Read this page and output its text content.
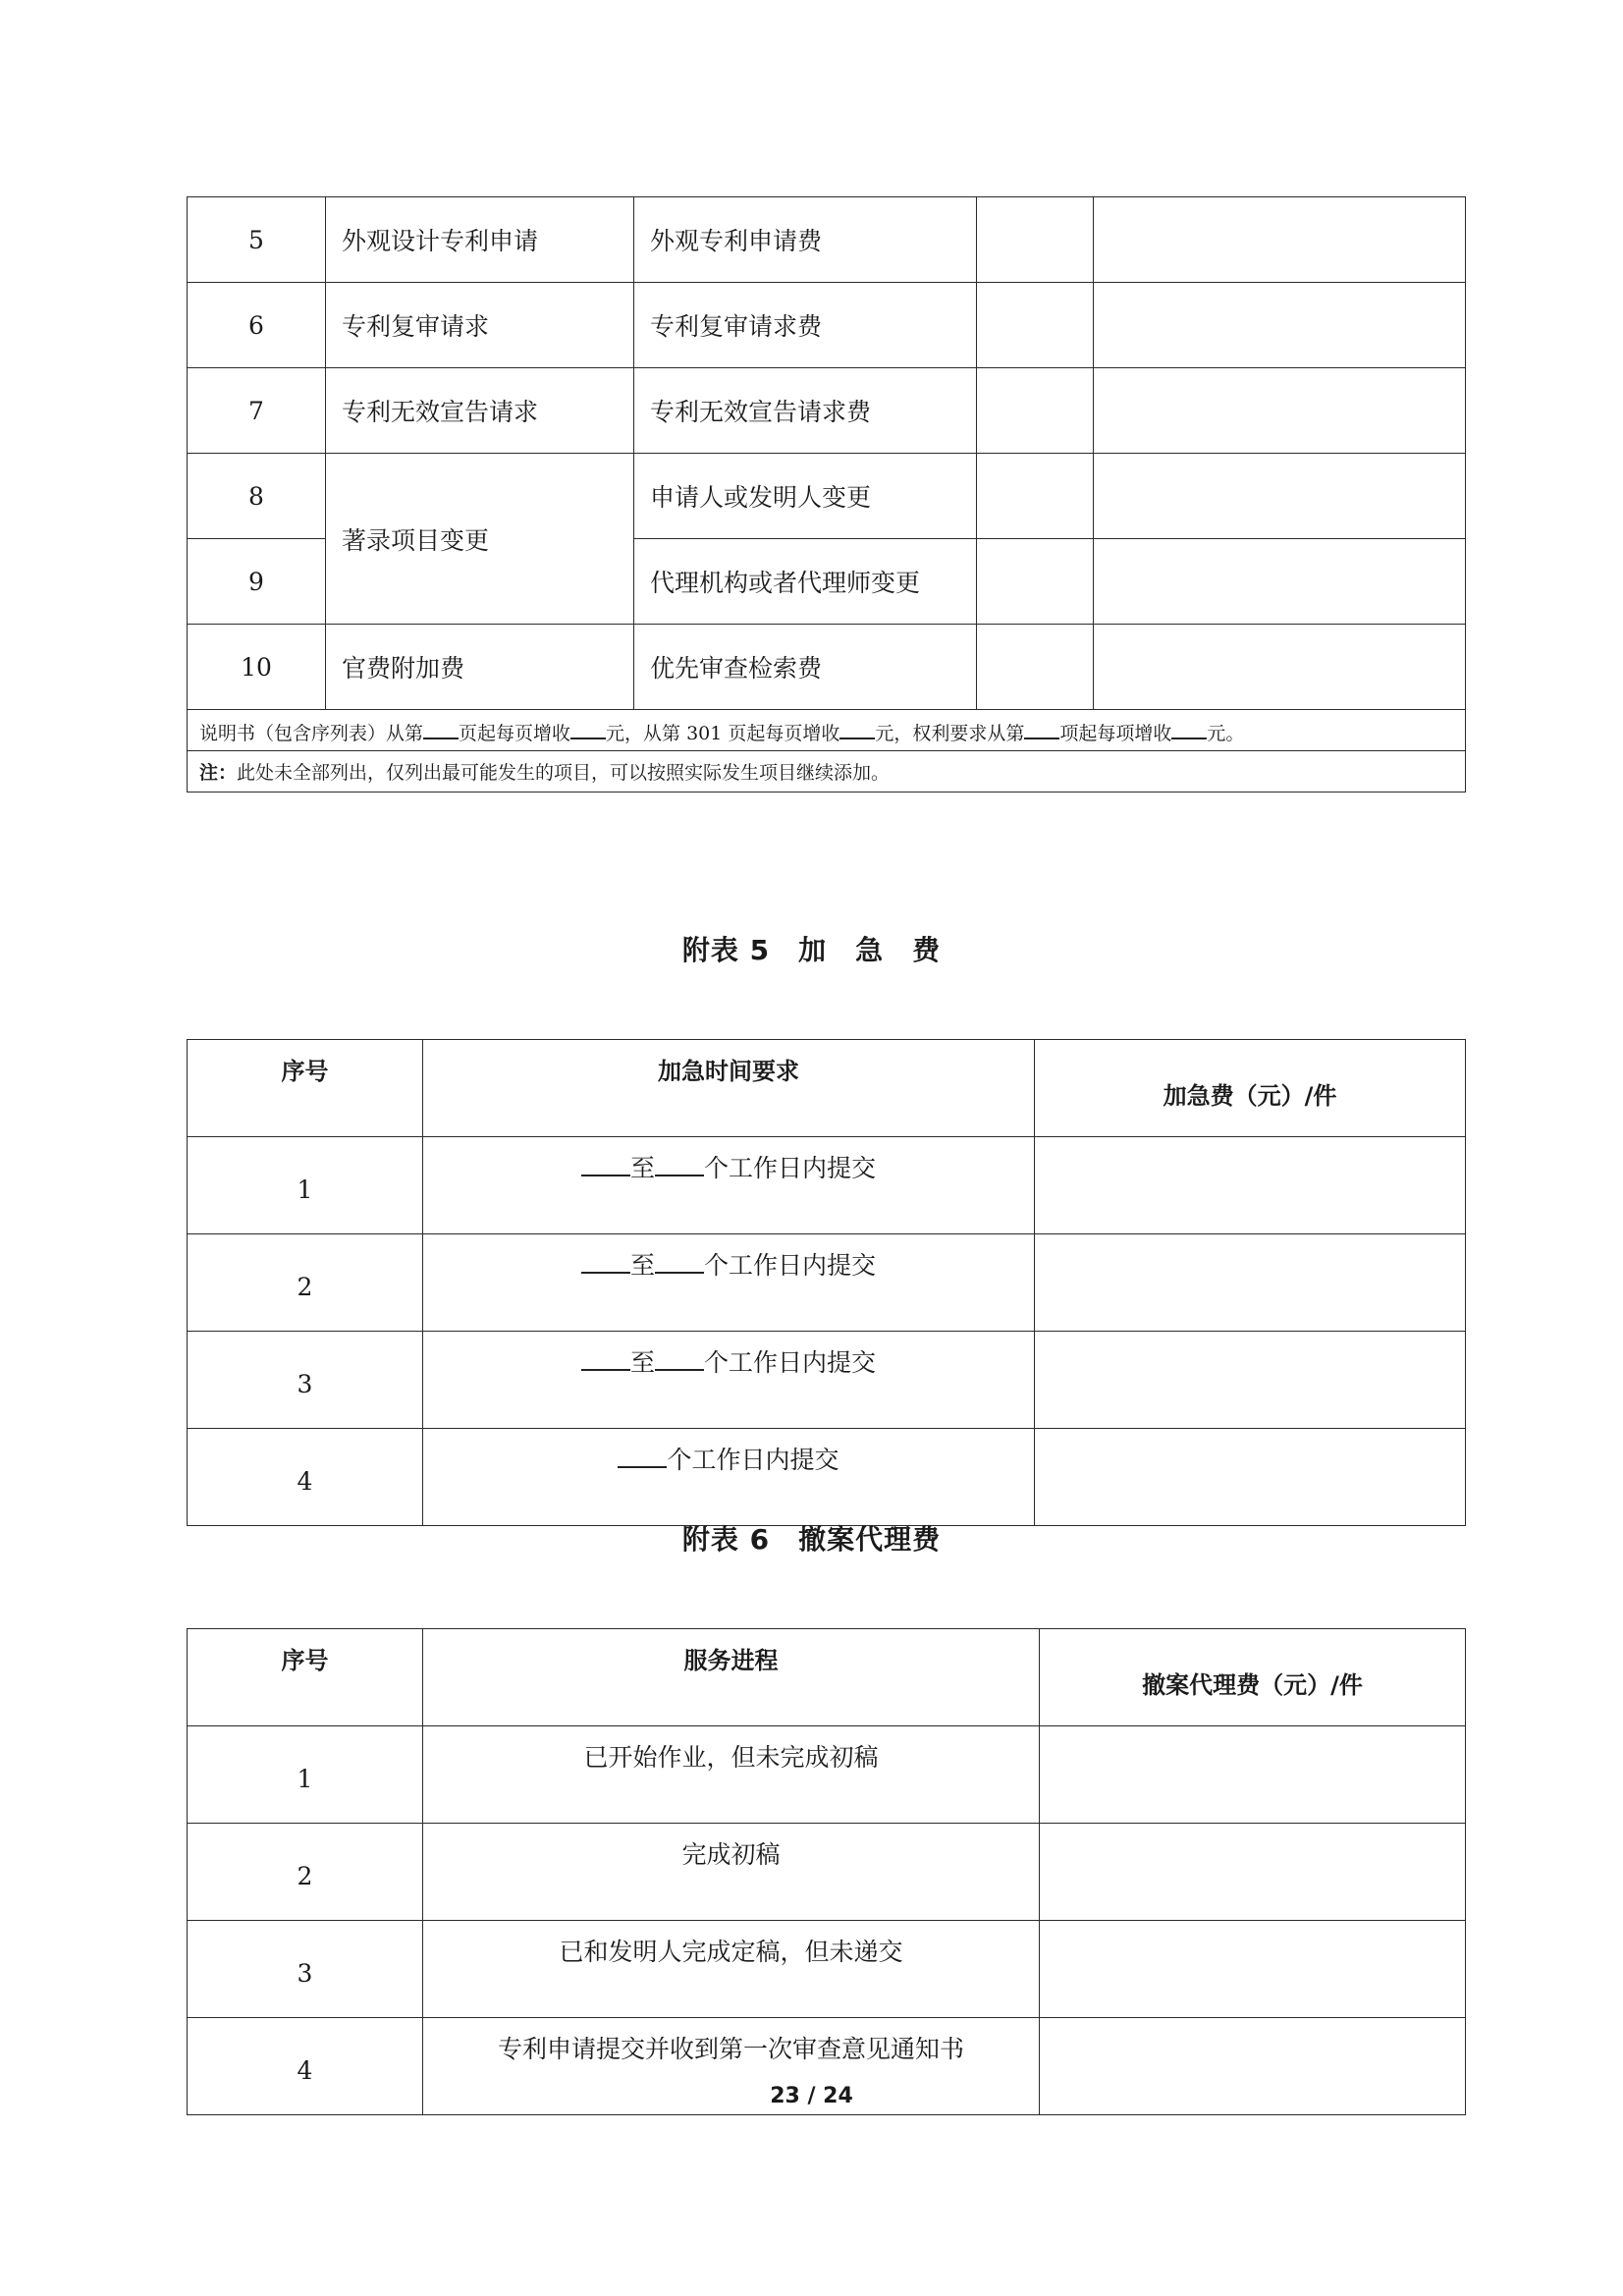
5	外观设计专利申请	外观专利申请费		
6	专利复审请求	专利复审请求费		
7	专利无效宣告请求	专利无效宣告请求费		
8	著录项目变更	申请人或发明人变更		
9		代理机构或者代理师变更		
10	官费附加费	优先审查检索费		
说明书（包含序列表）从第 页起每页增收 元，从第 301 页起每页增收 元，权利要求从第 项起每项增收 元。				
注：此处未全部列出，仅列出最可能发生的项目，可以按照实际发生项目继续添加。				
附表 5　加　急　费
序号	加急时间要求	加急费（元）/件
1	至 个工作日内提交	
2	至 个工作日内提交	
3	至 个工作日内提交	
4	个工作日内提交	
附表 6　撤案代理费
序号	服务进程	撤案代理费（元）/件
1	已开始作业，但未完成初稿	
2	完成初稿	
3	已和发明人完成定稿，但未递交	
4	专利申请提交并收到第一次审查意见通知书	
23 / 24
